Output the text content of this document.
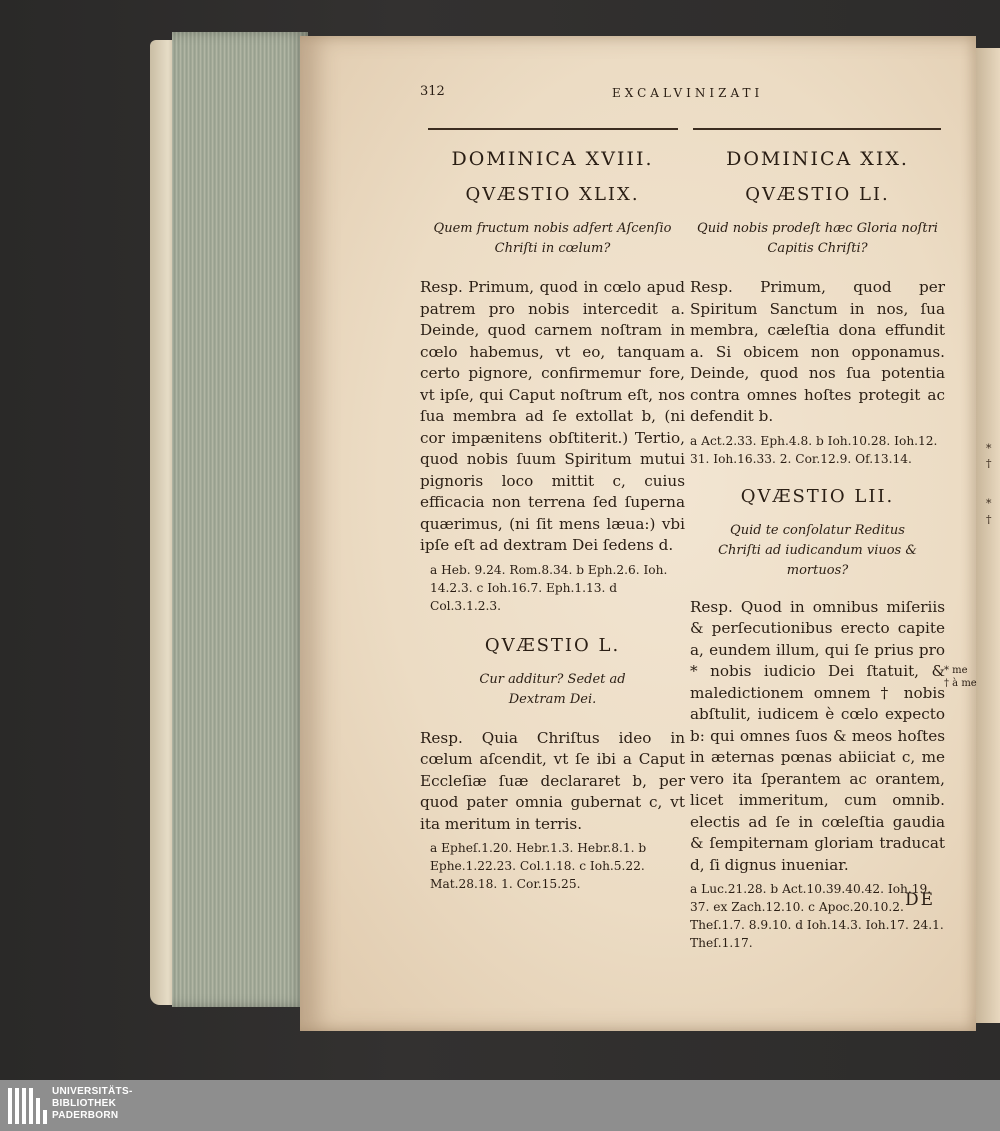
*
†
*
†
312	EXCALVINIZATI
DOMINICA XVIII.
QVÆSTIO XLIX.
Quem fructum nobis adfert Aſcenſio Chriſti in cœlum?
Resp. Primum, quod in cœlo apud patrem pro nobis intercedit a. Deinde, quod carnem noſtram in cœlo habemus, vt eo, tanquam certo pignore, confirmemur fore, vt ipſe, qui Caput noſtrum eſt, nos ſua membra ad ſe extollat b, (ni cor impænitens obſtiterit.) Tertio, quod nobis ſuum Spiritum mutui pignoris loco mittit c, cuius efficacia non terrena ſed ſuperna quærimus, (ni ſit mens læua:) vbi ipſe eſt ad dextram Dei ſedens d.
a Heb. 9.24. Rom.8.34. b Eph.2.6. Ioh. 14.2.3. c Ioh.16.7. Eph.1.13. d Col.3.1.2.3.
QVÆSTIO L.
Cur additur? Sedet ad Dextram Dei.
Resp. Quia Chriſtus ideo in cœlum aſcendit, vt ſe ibi a Caput Eccleſiæ ſuæ declararet b, per quod pater omnia gubernat c, vt ita meritum in terris.
a Epheſ.1.20. Hebr.1.3. Hebr.8.1. b Ephe.1.22.23. Col.1.18. c Ioh.5.22. Mat.28.18. 1. Cor.15.25.
DOMINICA XIX.
QVÆSTIO LI.
Quid nobis prodeſt hæc Gloria noſtri Capitis Chriſti?
Resp. Primum, quod per Spiritum Sanctum in nos, ſua membra, cæleſtia dona effundit a. Si obicem non opponamus. Deinde, quod nos ſua potentia contra omnes hoſtes protegit ac defendit b.
a Act.2.33. Eph.4.8. b Ioh.10.28. Ioh.12. 31. Ioh.16.33. 2. Cor.12.9. Of.13.14.
QVÆSTIO LII.
Quid te conſolatur Reditus Chriſti ad iudicandum viuos & mortuos?
Resp. Quod in omnibus miſeriis & perſecutionibus erecto capite a, eundem illum, qui ſe prius pro * nobis iudicio Dei ſtatuit, & maledictionem omnem † nobis abſtulit, iudicem è cœlo expecto b: qui omnes ſuos & meos hoſtes in æternas pœnas abiiciat c, me vero ita ſperantem ac orantem, licet immeritum, cum omnib. electis ad ſe in cœleſtia gaudia & ſempiternam gloriam traducat d, ſi dignus inueniar.
a Luc.21.28. b Act.10.39.40.42. Ioh.19. 37. ex Zach.12.10. c Apoc.20.10.2. Theſ.1.7. 8.9.10. d Ioh.14.3. Ioh.17. 24.1. Theſ.1.17.
* me
† à me
DE
UNIVERSITÄTS-
BIBLIOTHEK
PADERBORN
